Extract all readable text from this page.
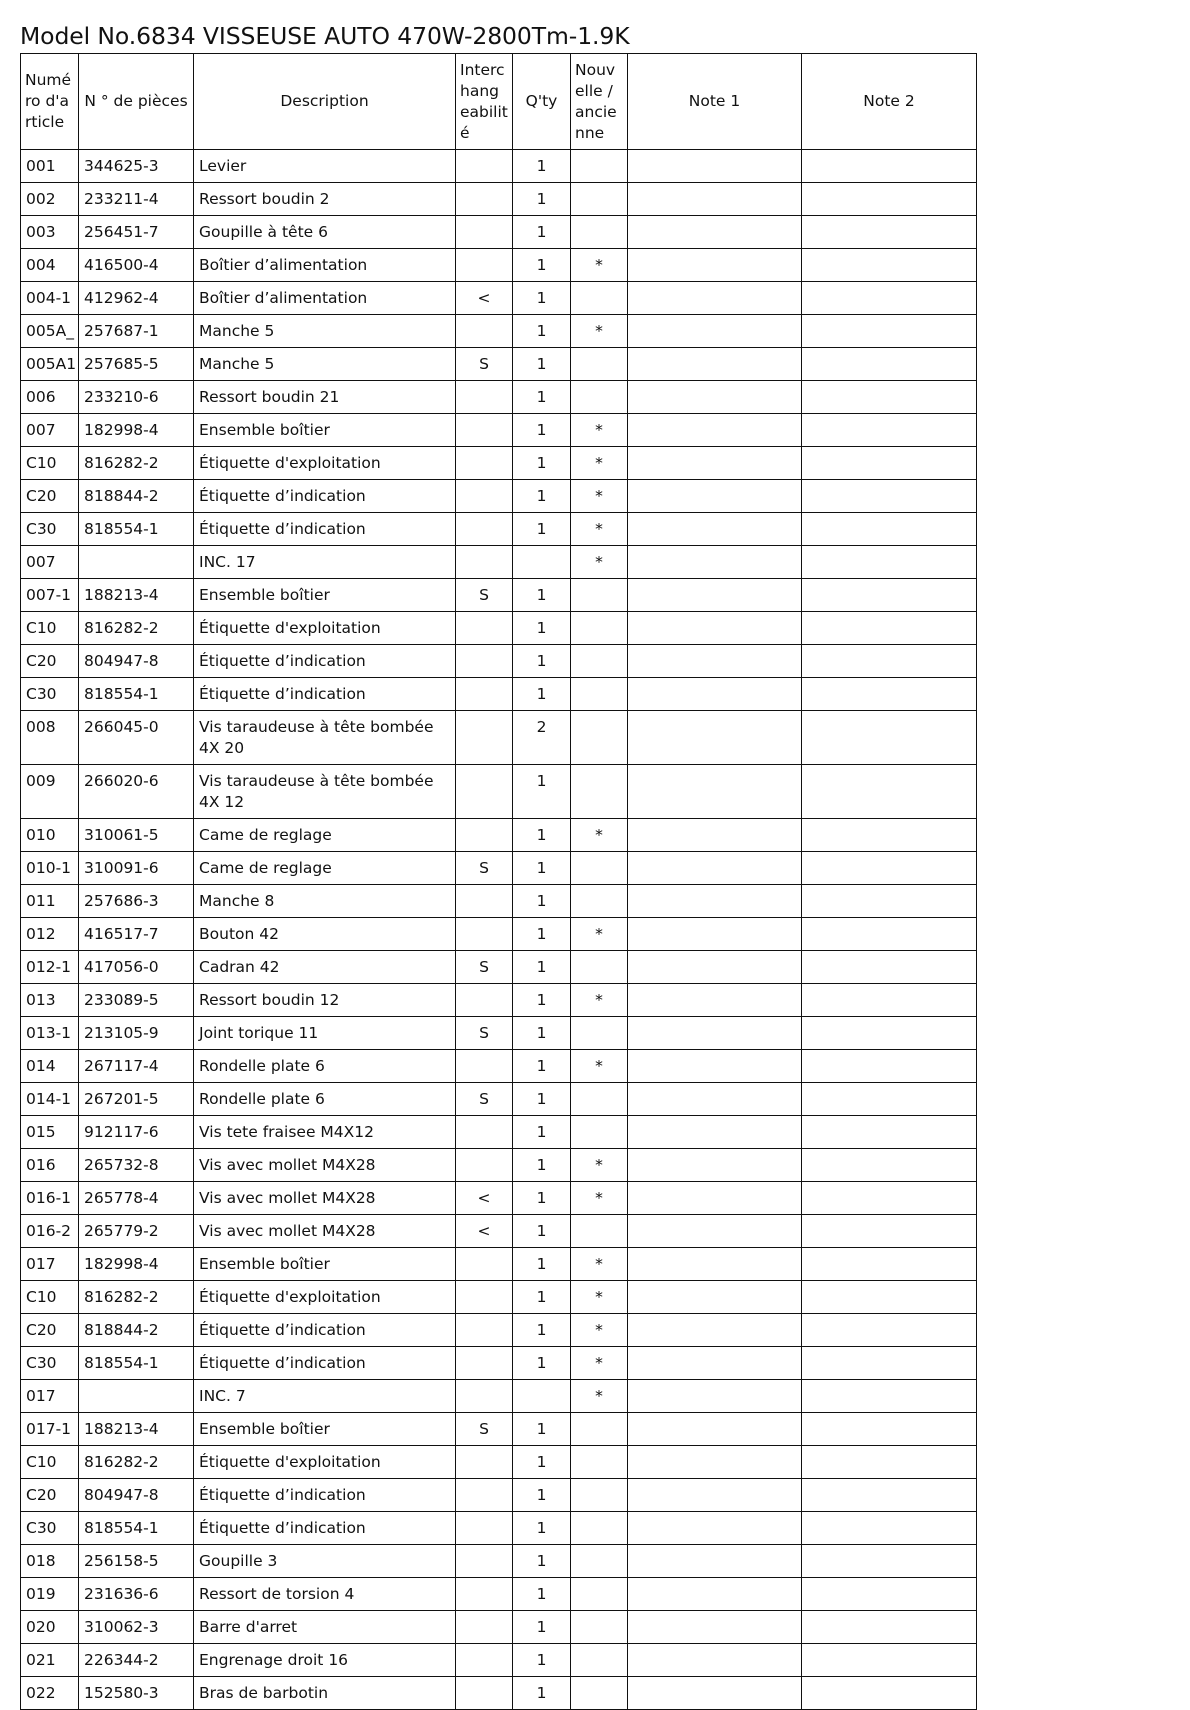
Model No.6834 VISSEUSE AUTO 470W-2800Tm-1.9K
Numé ro d'a rticle	N ° de pièces	Description	Interc hang eabilit é	Q'ty	Nouv elle / ancie nne	Note 1	Note 2
001	344625-3	Levier		1			
002	233211-4	Ressort boudin 2		1			
003	256451-7	Goupille à tête 6		1			
004	416500-4	Boîtier d’alimentation		1	*		
004-1	412962-4	Boîtier d’alimentation	<	1			
005A_	257687-1	Manche 5		1	*		
005A1	257685-5	Manche 5	S	1			
006	233210-6	Ressort boudin 21		1			
007	182998-4	Ensemble boîtier		1	*		
C10	816282-2	Étiquette d'exploitation		1	*		
C20	818844-2	Étiquette d’indication		1	*		
C30	818554-1	Étiquette d’indication		1	*		
007		INC. 17			*		
007-1	188213-4	Ensemble boîtier	S	1			
C10	816282-2	Étiquette d'exploitation		1			
C20	804947-8	Étiquette d’indication		1			
C30	818554-1	Étiquette d’indication		1			
008	266045-0	Vis taraudeuse à tête bombée 4X 20		2			
009	266020-6	Vis taraudeuse à tête bombée 4X 12		1			
010	310061-5	Came de reglage		1	*		
010-1	310091-6	Came de reglage	S	1			
011	257686-3	Manche 8		1			
012	416517-7	Bouton 42		1	*		
012-1	417056-0	Cadran 42	S	1			
013	233089-5	Ressort boudin 12		1	*		
013-1	213105-9	Joint torique 11	S	1			
014	267117-4	Rondelle plate 6		1	*		
014-1	267201-5	Rondelle plate 6	S	1			
015	912117-6	Vis tete fraisee M4X12		1			
016	265732-8	Vis avec mollet M4X28		1	*		
016-1	265778-4	Vis avec mollet M4X28	<	1	*		
016-2	265779-2	Vis avec mollet M4X28	<	1			
017	182998-4	Ensemble boîtier		1	*		
C10	816282-2	Étiquette d'exploitation		1	*		
C20	818844-2	Étiquette d’indication		1	*		
C30	818554-1	Étiquette d’indication		1	*		
017		INC. 7			*		
017-1	188213-4	Ensemble boîtier	S	1			
C10	816282-2	Étiquette d'exploitation		1			
C20	804947-8	Étiquette d’indication		1			
C30	818554-1	Étiquette d’indication		1			
018	256158-5	Goupille 3		1			
019	231636-6	Ressort de torsion 4		1			
020	310062-3	Barre d'arret		1			
021	226344-2	Engrenage droit 16		1			
022	152580-3	Bras de barbotin		1			
